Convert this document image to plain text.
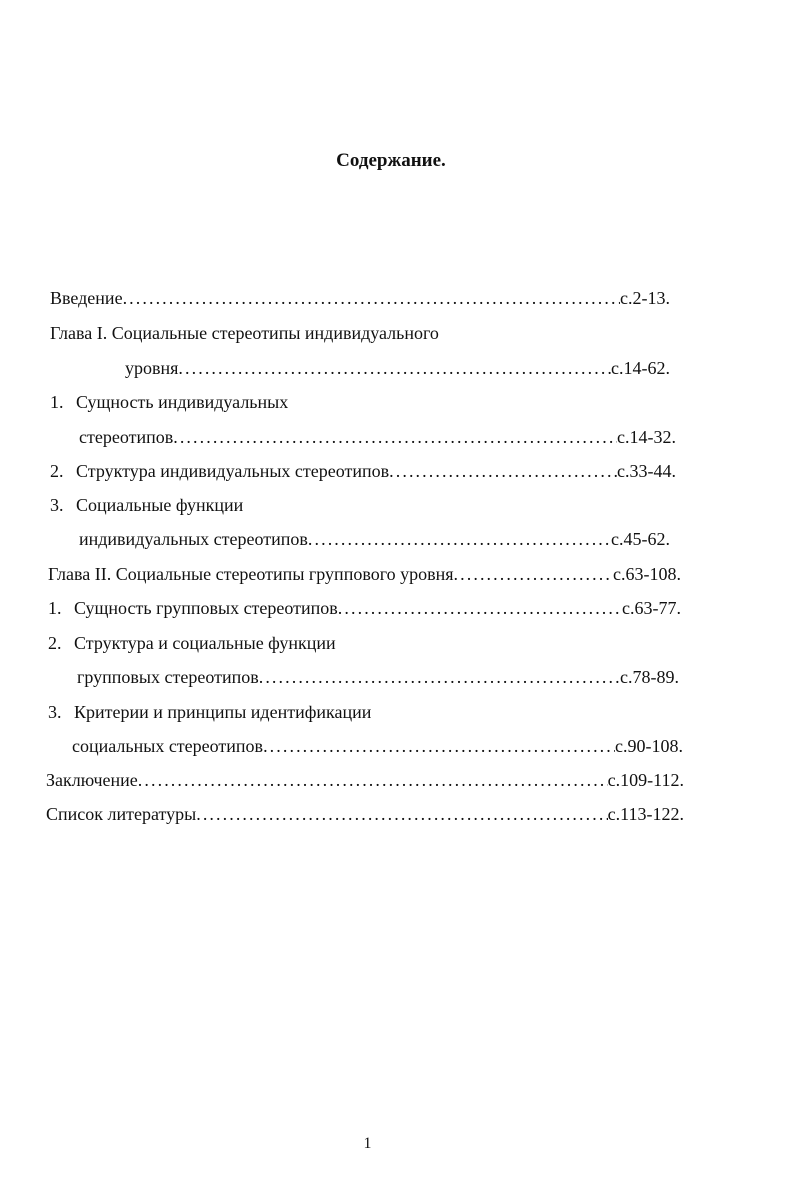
Содержание.
Введение . . .	с.2-13.
Глава I. Социальные стереотипы индивидуального
уровня . . .	с.14-62.
1. Сущность индивидуальных
стереотипов . . .	с.14-32.
2. Структура индивидуальных стереотипов . . .	с.33-44.
3. Социальные функции
индивидуальных стереотипов . . .	с.45-62.
Глава II. Социальные стереотипы группового уровня . . .	с.63-108.
1. Сущность групповых стереотипов . . .	с.63-77.
2. Структура и социальные функции
групповых стереотипов . . .	с.78-89.
3. Критерии и принципы идентификации
социальных стереотипов . . .	с.90-108.
Заключение . . .	с.109-112.
Список литературы . . .	с.113-122.
1
